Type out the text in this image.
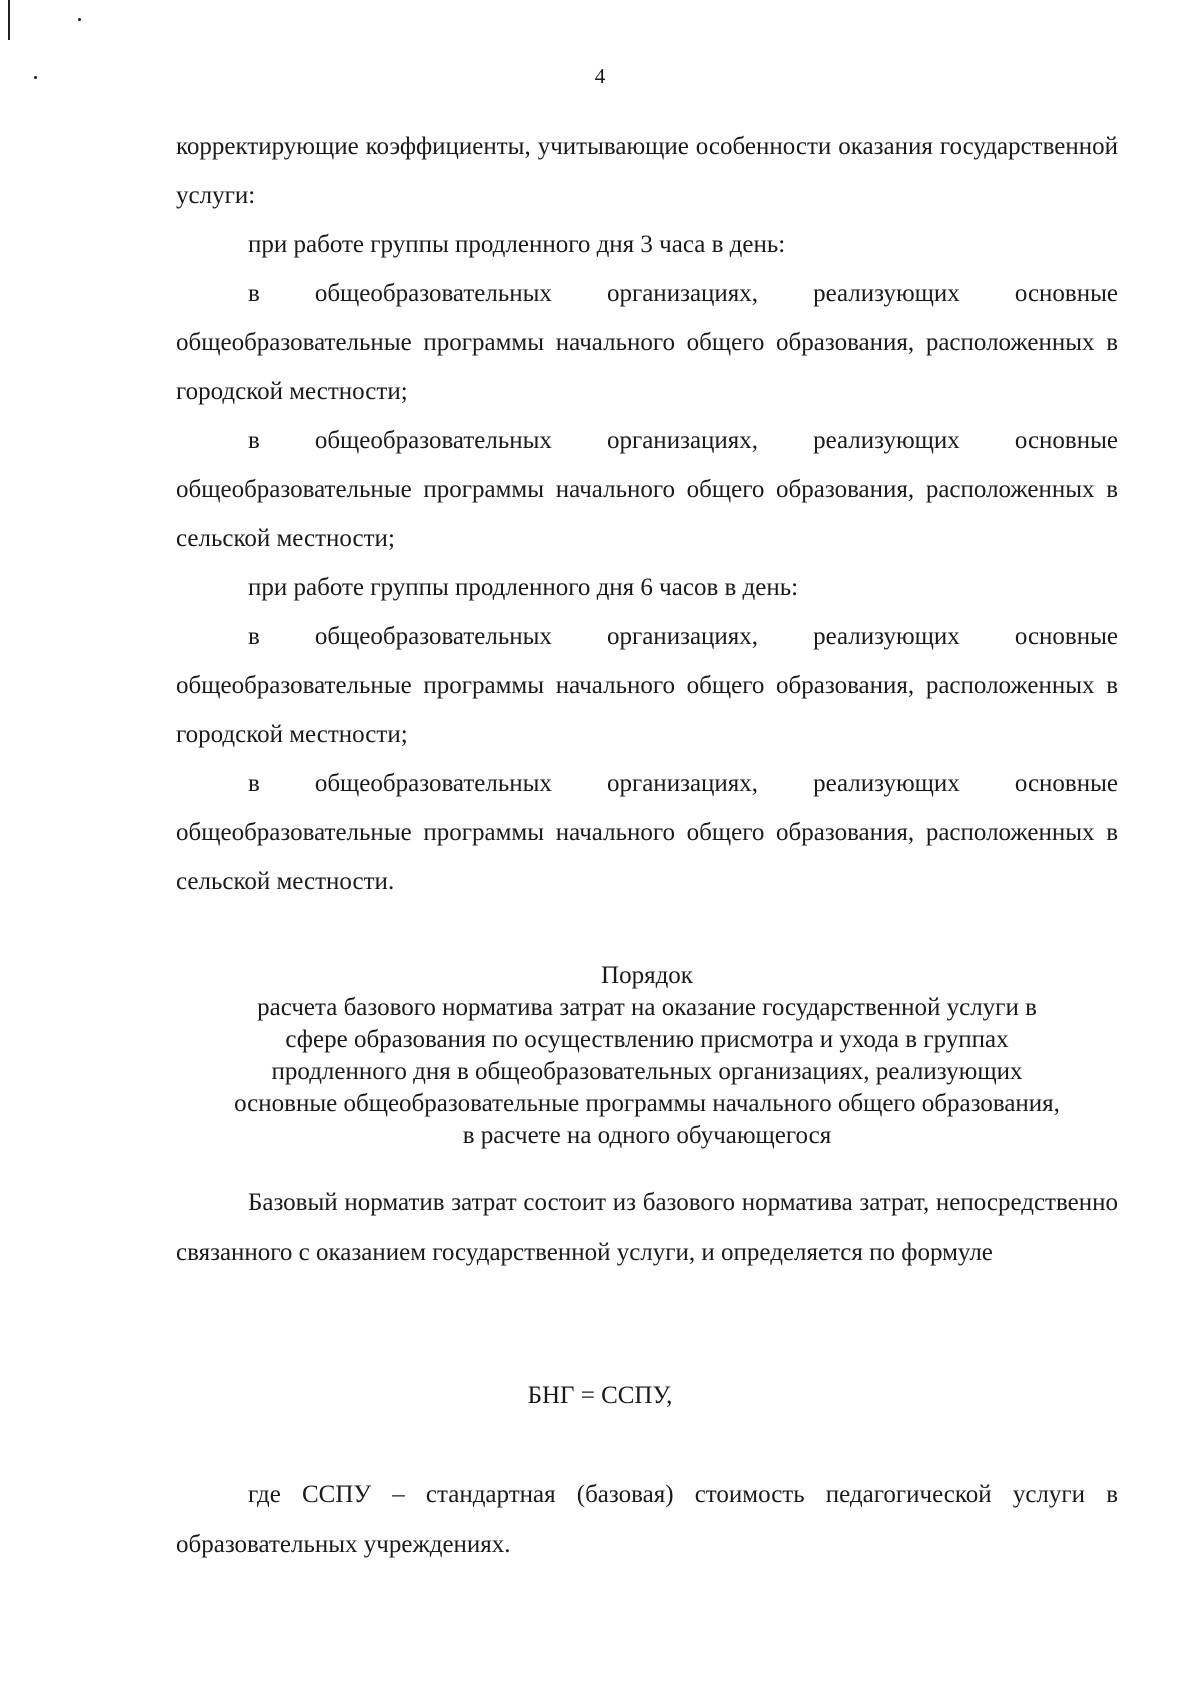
4

корректирующие коэффициенты, учитывающие особенности оказания государственной услуги:

при работе группы продленного дня 3 часа в день:

в общеобразовательных организациях, реализующих основные общеобразовательные программы начального общего образования, расположенных в городской местности;

в общеобразовательных организациях, реализующих основные общеобразовательные программы начального общего образования, расположенных в сельской местности;

при работе группы продленного дня 6 часов в день:

в общеобразовательных организациях, реализующих основные общеобразовательные программы начального общего образования, расположенных в городской местности;

в общеобразовательных организациях, реализующих основные общеобразовательные программы начального общего образования, расположенных в сельской местности.

Порядок
расчета базового норматива затрат на оказание государственной услуги в
сфере образования по осуществлению присмотра и ухода в группах
продленного дня в общеобразовательных организациях, реализующих
основные общеобразовательные программы начального общего образования,
в расчете на одного обучающегося

Базовый норматив затрат состоит из базового норматива затрат, непосредственно связанного с оказанием государственной услуги, и определяется по формуле

БНГ = ССПУ,

где ССПУ – стандартная (базовая) стоимость педагогической услуги в образовательных учреждениях.
